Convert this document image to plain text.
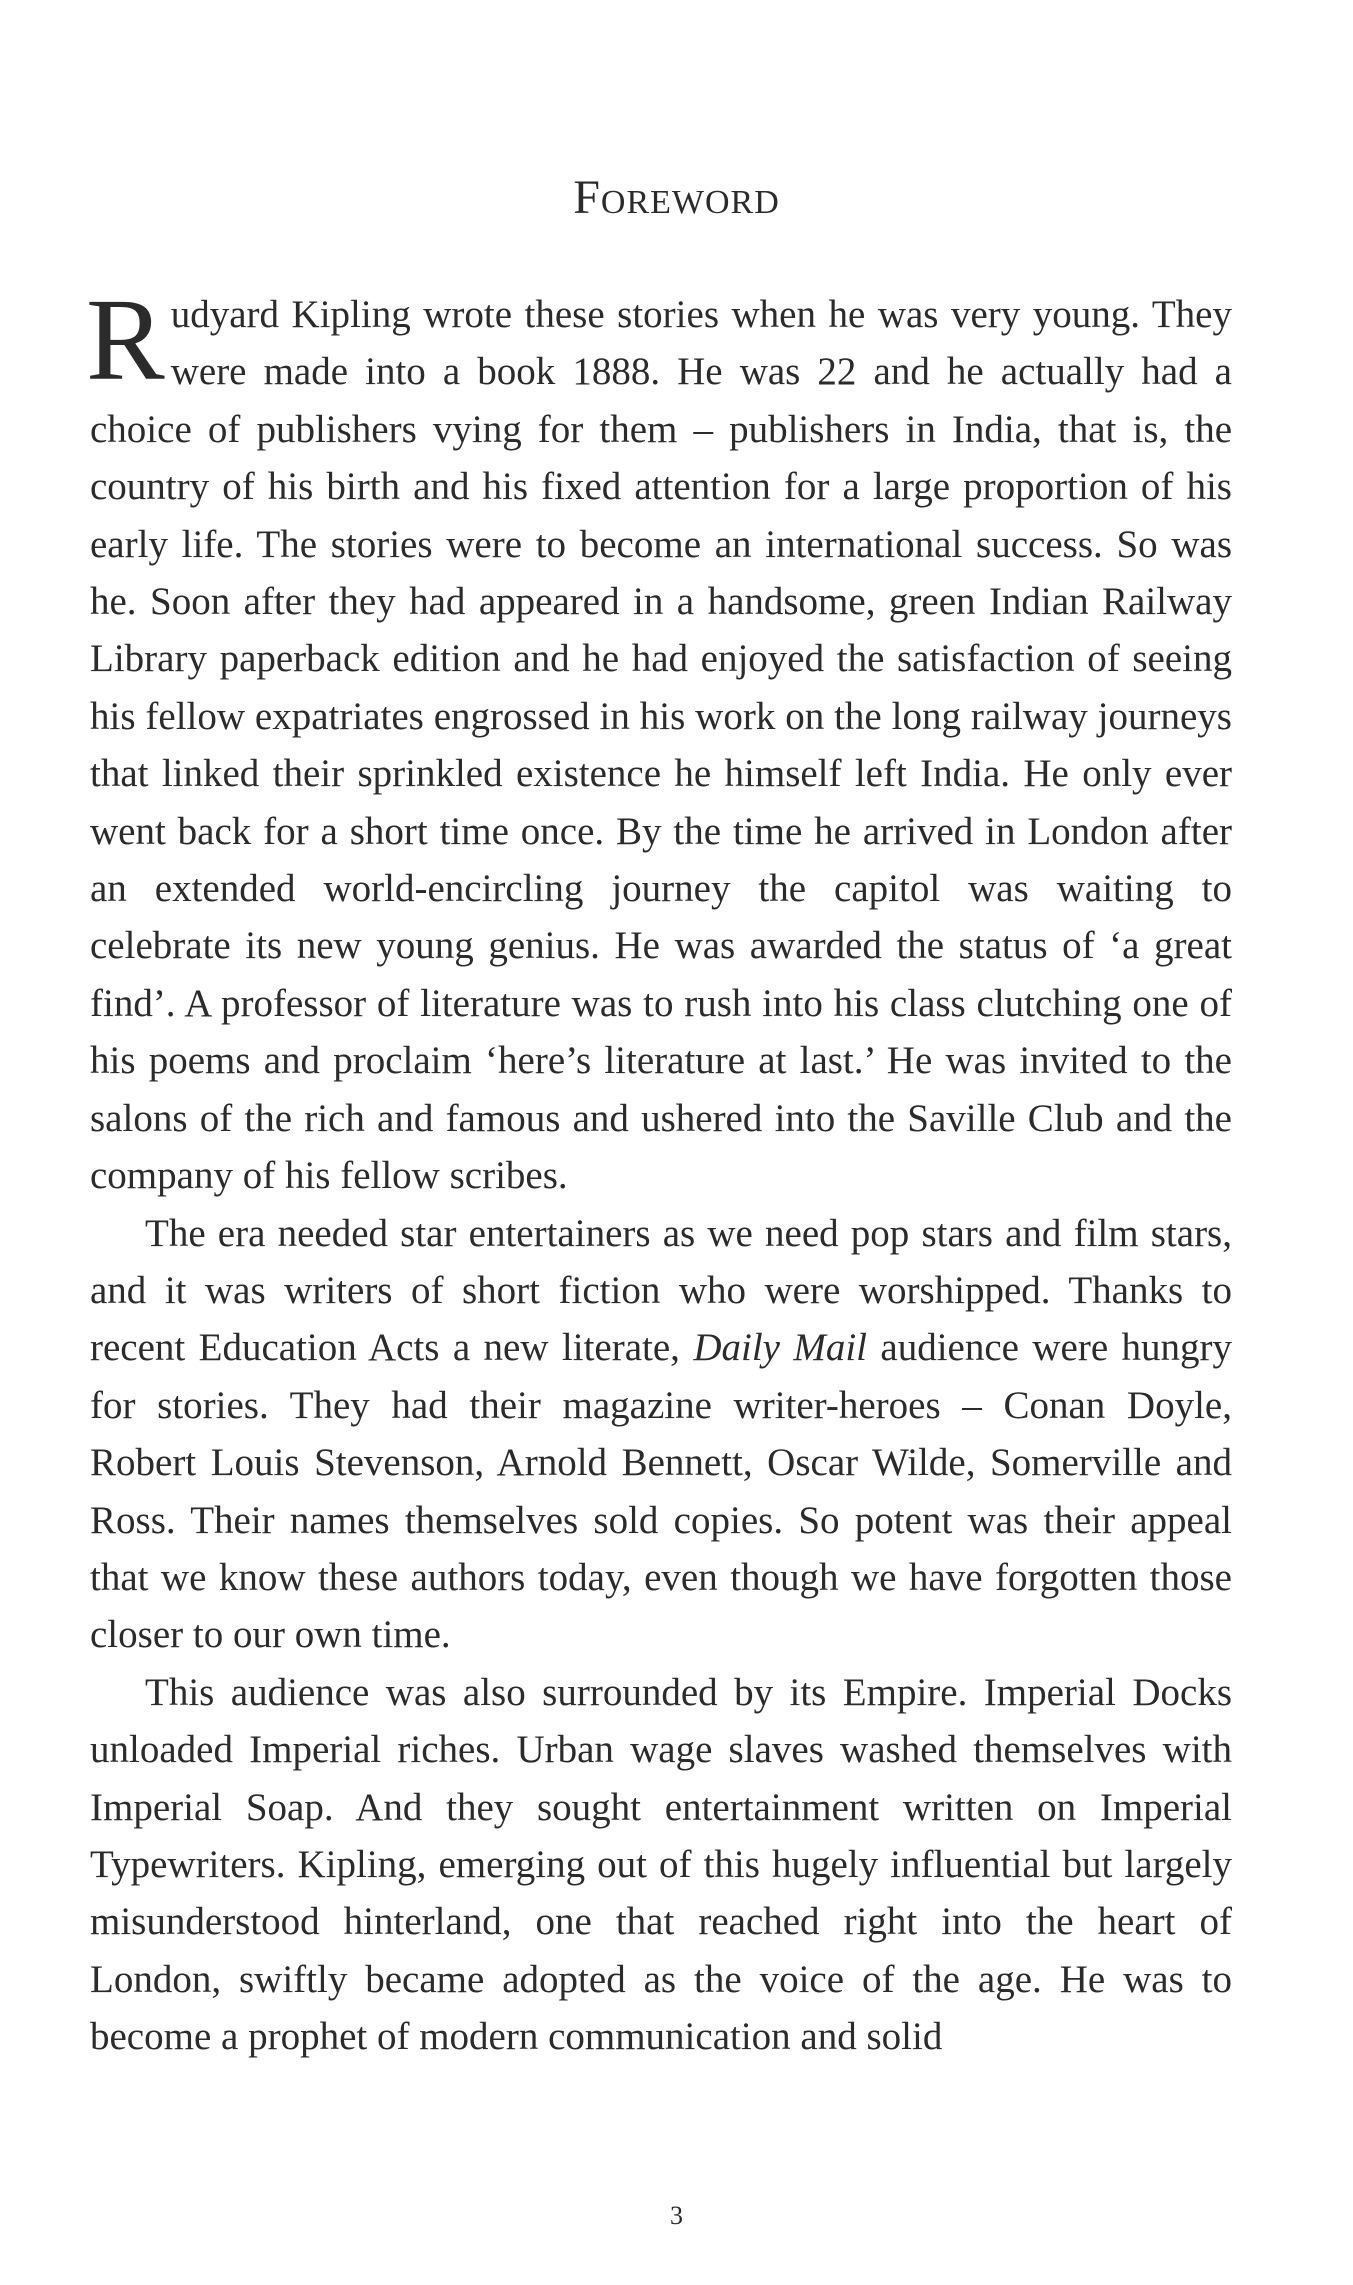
Foreword

Rudyard Kipling wrote these stories when he was very young. They were made into a book 1888. He was 22 and he actually had a choice of publishers vying for them – publishers in India, that is, the country of his birth and his fixed attention for a large proportion of his early life. The stories were to become an international success. So was he. Soon after they had appeared in a handsome, green Indian Railway Library paperback edition and he had enjoyed the satisfaction of seeing his fellow expatriates engrossed in his work on the long railway journeys that linked their sprinkled existence he himself left India. He only ever went back for a short time once. By the time he arrived in London after an extended world-encircling journey the capitol was waiting to celebrate its new young genius. He was awarded the status of ‘a great find’. A professor of literature was to rush into his class clutching one of his poems and proclaim ‘here’s literature at last.’ He was invited to the salons of the rich and famous and ushered into the Saville Club and the company of his fellow scribes.

The era needed star entertainers as we need pop stars and film stars, and it was writers of short fiction who were worshipped. Thanks to recent Education Acts a new literate, Daily Mail audience were hungry for stories. They had their magazine writer-heroes – Conan Doyle, Robert Louis Stevenson, Arnold Bennett, Oscar Wilde, Somerville and Ross. Their names themselves sold copies. So potent was their appeal that we know these authors today, even though we have forgotten those closer to our own time.

This audience was also surrounded by its Empire. Imperial Docks unloaded Imperial riches. Urban wage slaves washed themselves with Imperial Soap. And they sought entertainment written on Imperial Typewriters. Kipling, emerging out of this hugely influential but largely misunderstood hinterland, one that reached right into the heart of London, swiftly became adopted as the voice of the age. He was to become a prophet of modern communication and solid

3
